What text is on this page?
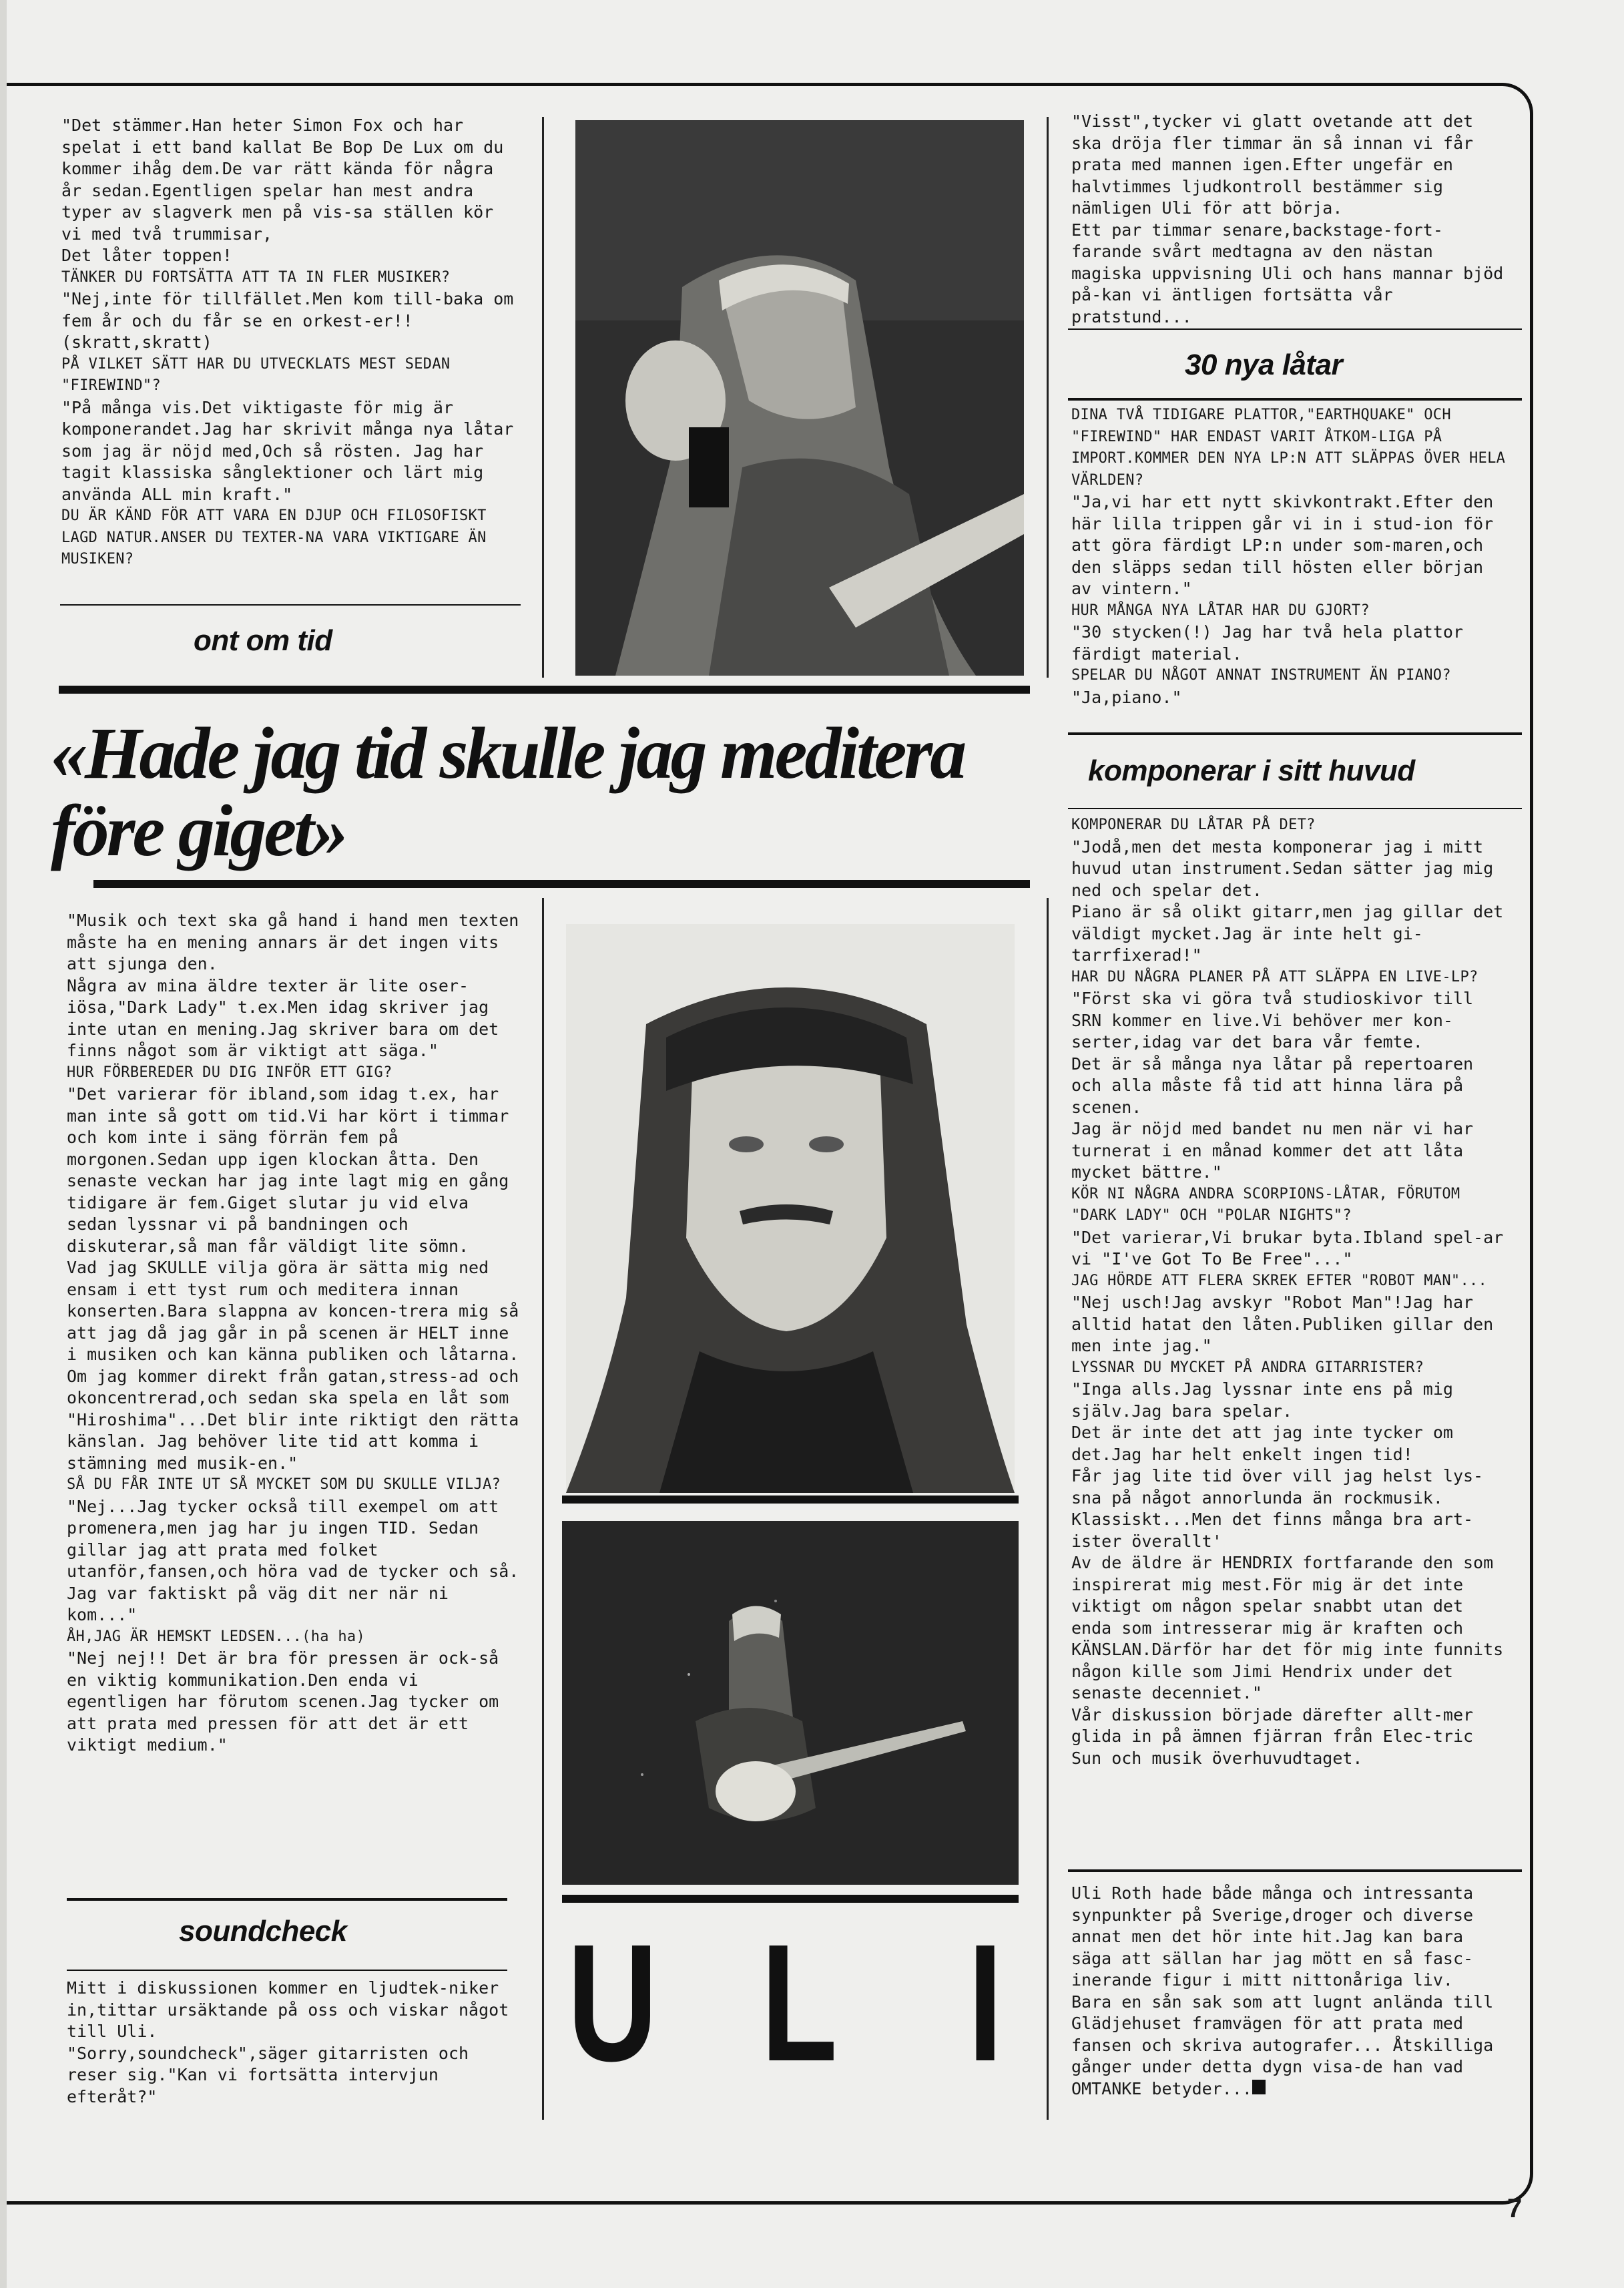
"Det stämmer.Han heter Simon Fox och har spelat i ett band kallat Be Bop De Lux om du kommer ihåg dem.De var rätt kända för några år sedan.Egentligen spelar han mest andra typer av slagverk men på vis-sa ställen kör vi med två trummisar,

Det låter toppen!

TÄNKER DU FORTSÄTTA ATT TA IN FLER MUSIKER?

"Nej,inte för tillfället.Men kom till-baka om fem år och du får se en orkest-er!!(skratt,skratt)

PÅ VILKET SÄTT HAR DU UTVECKLATS MEST SEDAN "FIREWIND"?

"På många vis.Det viktigaste för mig är komponerandet.Jag har skrivit många nya låtar som jag är nöjd med,Och så rösten. Jag har tagit klassiska sånglektioner och lärt mig använda ALL min kraft."

DU ÄR KÄND FÖR ATT VARA EN DJUP OCH FILOSOFISKT LAGD NATUR.ANSER DU TEXTER-NA VARA VIKTIGARE ÄN MUSIKEN?

ont om tid
«Hade jag tid skulle jag meditera före giget»

"Musik och text ska gå hand i hand men texten måste ha en mening annars är det ingen vits att sjunga den.

Några av mina äldre texter är lite oser-iösa,"Dark Lady" t.ex.Men idag skriver jag inte utan en mening.Jag skriver bara om det finns något som är viktigt att säga."

HUR FÖRBEREDER DU DIG INFÖR ETT GIG?

"Det varierar för ibland,som idag t.ex, har man inte så gott om tid.Vi har kört i timmar och kom inte i säng förrän fem på morgonen.Sedan upp igen klockan åtta. Den senaste veckan har jag inte lagt mig en gång tidigare är fem.Giget slutar ju vid elva sedan lyssnar vi på bandningen och diskuterar,så man får väldigt lite sömn.

Vad jag SKULLE vilja göra är sätta mig ned ensam i ett tyst rum och meditera innan konserten.Bara slappna av koncen-trera mig så att jag då jag går in på scenen är HELT inne i musiken och kan känna publiken och låtarna.

Om jag kommer direkt från gatan,stress-ad och okoncentrerad,och sedan ska spela en låt som "Hiroshima"...Det blir inte riktigt den rätta känslan. Jag behöver lite tid att komma i stämning med musik-en."

SÅ DU FÅR INTE UT SÅ MYCKET SOM DU SKULLE VILJA?

"Nej...Jag tycker också till exempel om att promenera,men jag har ju ingen TID. Sedan gillar jag att prata med folket utanför,fansen,och höra vad de tycker och så.

Jag var faktiskt på väg dit ner när ni kom..."

ÅH,JAG ÄR HEMSKT LEDSEN...(ha ha)

"Nej nej!! Det är bra för pressen är ock-så en viktig kommunikation.Den enda vi egentligen har förutom scenen.Jag tycker om att prata med pressen för att det är ett viktigt medium."

soundcheck

Mitt i diskussionen kommer en ljudtek-niker in,tittar ursäktande på oss och viskar något till Uli.

"Sorry,soundcheck",säger gitarristen och reser sig."Kan vi fortsätta intervjun efteråt?"

U L I

"Visst",tycker vi glatt ovetande att det ska dröja fler timmar än så innan vi får prata med mannen igen.Efter ungefär en halvtimmes ljudkontroll bestämmer sig nämligen Uli för att börja.

Ett par timmar senare,backstage-fort-farande svårt medtagna av den nästan magiska uppvisning Uli och hans mannar bjöd på-kan vi äntligen fortsätta vår pratstund...

30 nya låtar

DINA TVÅ TIDIGARE PLATTOR,"EARTHQUAKE" OCH "FIREWIND" HAR ENDAST VARIT ÅTKOM-LIGA PÅ IMPORT.KOMMER DEN NYA LP:N ATT SLÄPPAS ÖVER HELA VÄRLDEN?

"Ja,vi har ett nytt skivkontrakt.Efter den här lilla trippen går vi in i stud-ion för att göra färdigt LP:n under som-maren,och den släpps sedan till hösten eller början av vintern."

HUR MÅNGA NYA LÅTAR HAR DU GJORT?

"30 stycken(!) Jag har två hela plattor färdigt material.

SPELAR DU NÅGOT ANNAT INSTRUMENT ÄN PIANO?

"Ja,piano."

komponerar i sitt huvud

KOMPONERAR DU LÅTAR PÅ DET?

"Jodå,men det mesta komponerar jag i mitt huvud utan instrument.Sedan sätter jag mig ned och spelar det.

Piano är så olikt gitarr,men jag gillar det väldigt mycket.Jag är inte helt gi-tarrfixerad!"

HAR DU NÅGRA PLANER PÅ ATT SLÄPPA EN LIVE-LP?

"Först ska vi göra två studioskivor till SRN kommer en live.Vi behöver mer kon-serter,idag var det bara vår femte.

Det är så många nya låtar på repertoaren och alla måste få tid att hinna lära på scenen.

Jag är nöjd med bandet nu men när vi har turnerat i en månad kommer det att låta mycket bättre."

KÖR NI NÅGRA ANDRA SCORPIONS-LÅTAR, FÖRUTOM "DARK LADY" OCH "POLAR NIGHTS"?

"Det varierar,Vi brukar byta.Ibland spel-ar vi "I've Got To Be Free"..."

JAG HÖRDE ATT FLERA SKREK EFTER "ROBOT MAN"...

"Nej usch!Jag avskyr "Robot Man"!Jag har alltid hatat den låten.Publiken gillar den men inte jag."

LYSSNAR DU MYCKET PÅ ANDRA GITARRISTER?

"Inga alls.Jag lyssnar inte ens på mig själv.Jag bara spelar.

Det är inte det att jag inte tycker om det.Jag har helt enkelt ingen tid!

Får jag lite tid över vill jag helst lys-sna på något annorlunda än rockmusik. Klassiskt...Men det finns många bra art-ister överallt'

Av de äldre är HENDRIX fortfarande den som inspirerat mig mest.För mig är det inte viktigt om någon spelar snabbt utan det enda som intresserar mig är kraften och KÄNSLAN.Därför har det för mig inte funnits någon kille som Jimi Hendrix under det senaste decenniet."

Vår diskussion började därefter allt-mer glida in på ämnen fjärran från Elec-tric Sun och musik överhuvudtaget.

Uli Roth hade både många och intressanta synpunkter på Sverige,droger och diverse annat men det hör inte hit.Jag kan bara säga att sällan har jag mött en så fasc-inerande figur i mitt nittonåriga liv.

Bara en sån sak som att lugnt anlända till Glädjehuset framvägen för att prata med fansen och skriva autografer... Åtskilliga gånger under detta dygn visa-de han vad OMTANKE betyder...

7
